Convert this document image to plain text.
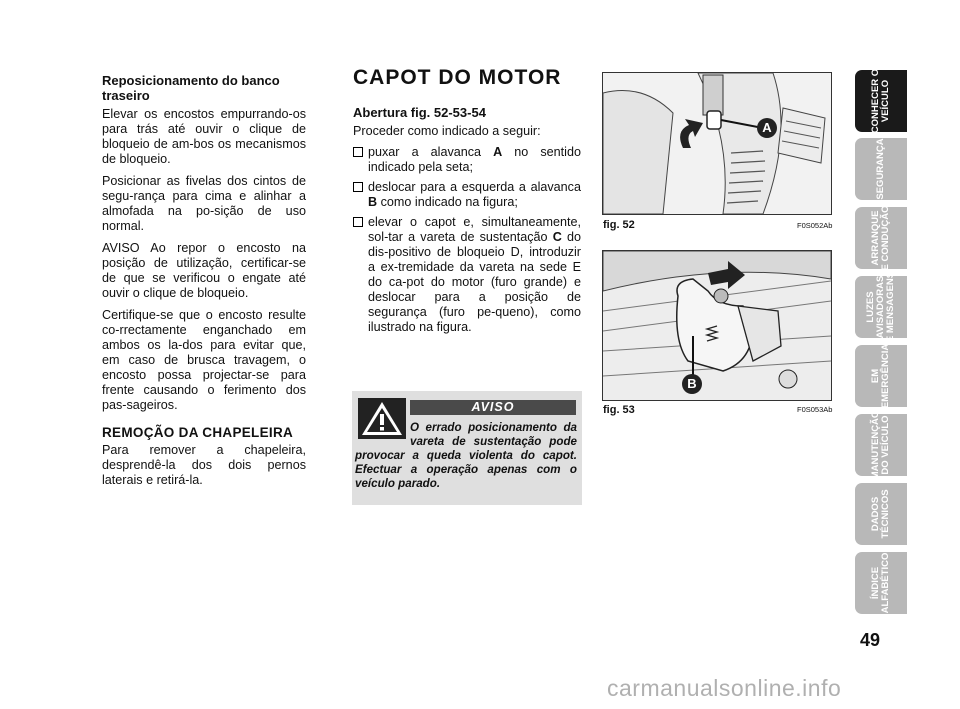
Reposicionamento do banco traseiro

Elevar os encostos empurrando-os para trás até ouvir o clique de bloqueio de am-bos os mecanismos de bloqueio.

Posicionar as fivelas dos cintos de segu-rança para cima e alinhar a almofada na po-sição de uso normal.

AVISO Ao repor o encosto na posição de utilização, certificar-se de que se verificou o engate até ouvir o clique de bloqueio.

Certifique-se que o encosto resulte co-rrectamente enganchado em ambos os la-dos para evitar que, em caso de brusca travagem, o encosto possa projectar-se para frente causando o ferimento dos pas-sageiros.

REMOÇÃO DA CHAPELEIRA

Para remover a chapeleira, desprendê-la dos dois pernos laterais e retirá-la.

CAPOT DO MOTOR
Abertura fig. 52-53-54

Proceder como indicado a seguir:

puxar a alavanca A no sentido indicado pela seta;
deslocar para a esquerda a alavanca B como indicado na figura;
elevar o capot e, simultaneamente, sol-tar a vareta de sustentação C do dis-positivo de bloqueio D, introduzir a ex-tremidade da vareta na sede E do ca-pot do motor (furo grande) e deslocar para a posição de segurança (furo pe-queno), como ilustrado na figura.
AVISO
O errado posicionamento da vareta de sustentação pode provocar a queda violenta do capot. Efectuar a operação apenas com o veículo parado.
A
fig. 52	F0S052Ab
B
fig. 53	F0S053Ab
CONHECER O
VEÍCULO
SEGURANÇA
ARRANQUE
E CONDUÇÃO
LUZES
AVISADORAS
E MENSAGENS
EM
EMERGÊNCIA
MANUTENÇÃO
DO VEÍCULO
DADOS
TÉCNICOS
ÍNDICE
ALFABÉTICO
49
carmanualsonline.info
